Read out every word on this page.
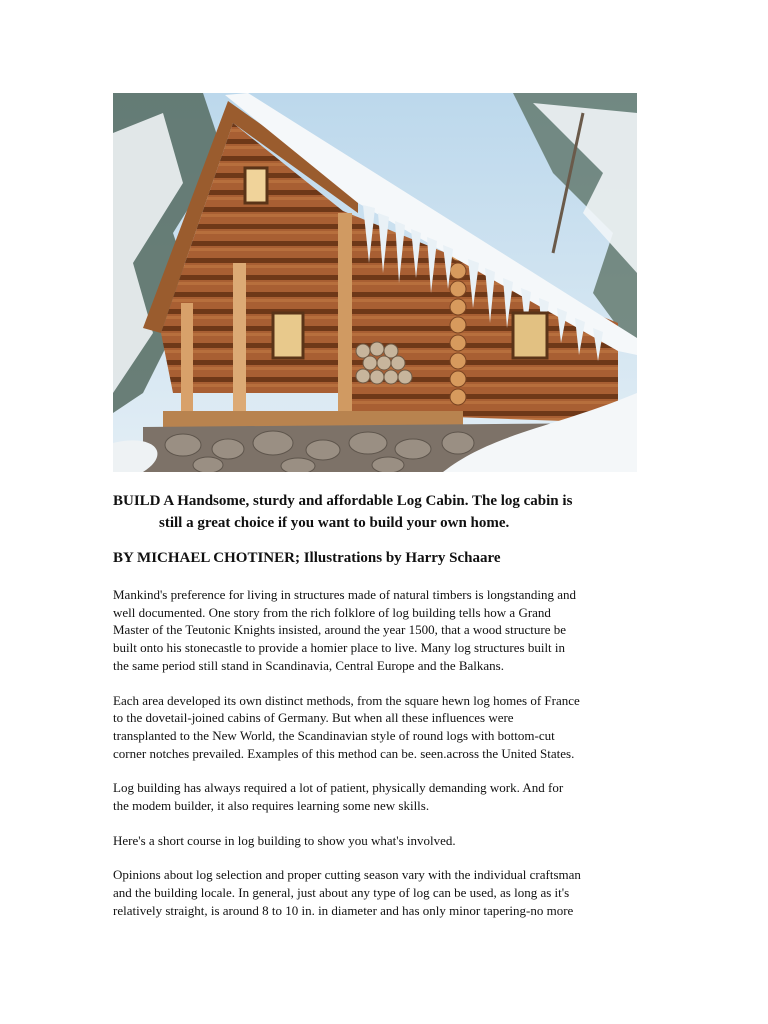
BUILD A Handsome, sturdy and affordable Log Cabin. The log cabin is
still a great choice if you want to build your own home.

BY MICHAEL CHOTINER; Illustrations by Harry Schaare

Mankind's preference for living in structures made of natural timbers is longstanding and
well documented. One story from the rich folklore of log building tells how a Grand
Master of the Teutonic Knights insisted, around the year 1500, that a wood structure be
built onto his stonecastle to provide a homier place to live. Many log structures built in
the same period still stand in Scandinavia, Central Europe and the Balkans.

Each area developed its own distinct methods, from the square hewn log homes of France
to the dovetail-joined cabins of Germany. But when all these influences were
transplanted to the New World, the Scandinavian style of round logs with bottom-cut
corner notches prevailed. Examples of this method can be. seen.across the United States.

Log building has always required a lot of patient, physically demanding work. And for
the modem builder, it also requires learning some new skills.

Here's a short course in log building to show you what's involved.

Opinions about log selection and proper cutting season vary with the individual craftsman
and the building locale. In general, just about any type of log can be used, as long as it's
relatively straight, is around 8 to 10 in. in diameter and has only minor tapering-no more
